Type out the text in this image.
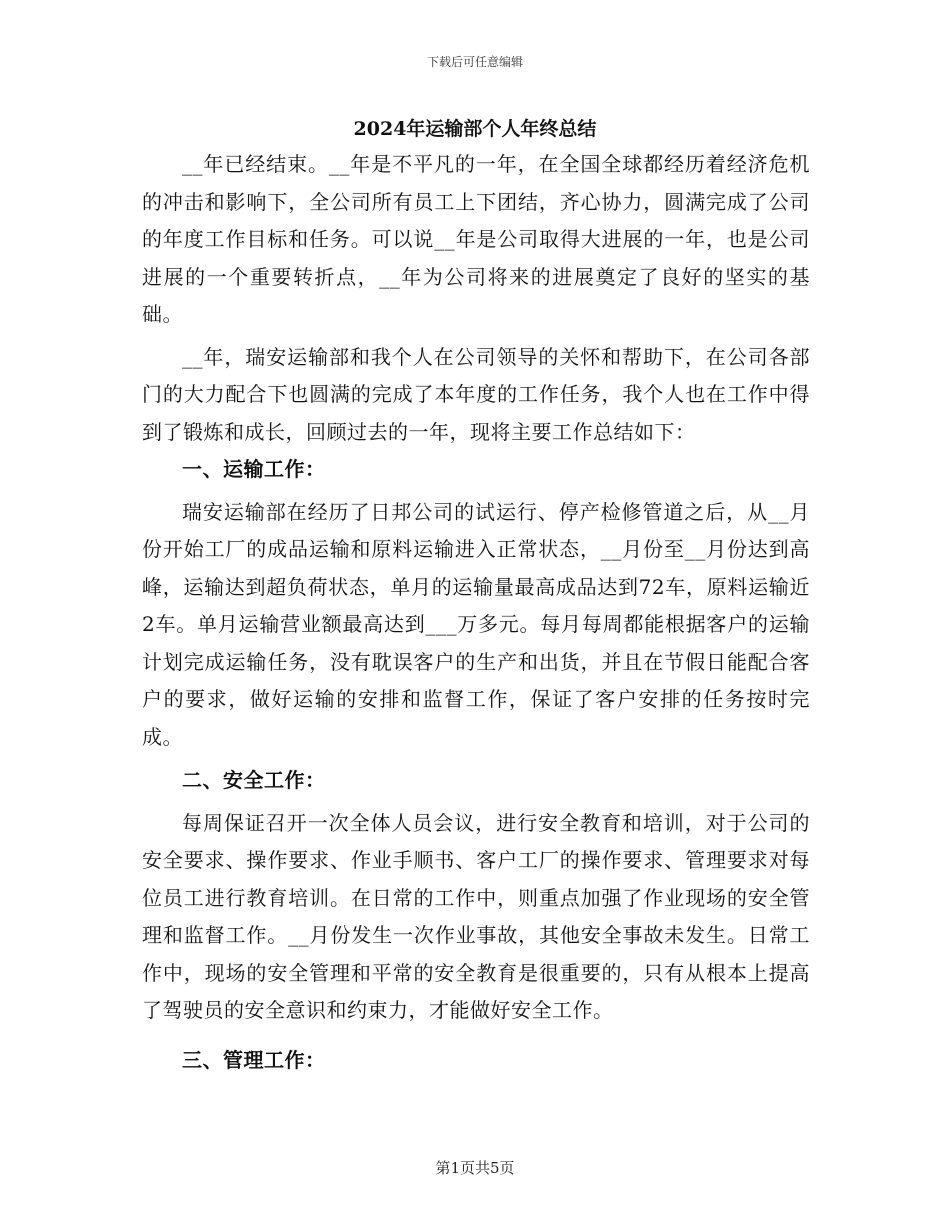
下载后可任意编辑
2024年运输部个人年终总结

__年已经结束。__年是不平凡的一年，在全国全球都经历着经济危机的冲击和影响下，全公司所有员工上下团结，齐心协力，圆满完成了公司的年度工作目标和任务。可以说__年是公司取得大进展的一年，也是公司进展的一个重要转折点，__年为公司将来的进展奠定了良好的坚实的基础。

__年，瑞安运输部和我个人在公司领导的关怀和帮助下，在公司各部门的大力配合下也圆满的完成了本年度的工作任务，我个人也在工作中得到了锻炼和成长，回顾过去的一年，现将主要工作总结如下：

一、运输工作：

瑞安运输部在经历了日邦公司的试运行、停产检修管道之后，从__月份开始工厂的成品运输和原料运输进入正常状态，__月份至__月份达到高峰，运输达到超负荷状态，单月的运输量最高成品达到72车，原料运输近2车。单月运输营业额最高达到___万多元。每月每周都能根据客户的运输计划完成运输任务，没有耽误客户的生产和出货，并且在节假日能配合客户的要求，做好运输的安排和监督工作，保证了客户安排的任务按时完成。

二、安全工作：

每周保证召开一次全体人员会议，进行安全教育和培训，对于公司的安全要求、操作要求、作业手顺书、客户工厂的操作要求、管理要求对每位员工进行教育培训。在日常的工作中，则重点加强了作业现场的安全管理和监督工作。__月份发生一次作业事故，其他安全事故未发生。日常工作中，现场的安全管理和平常的安全教育是很重要的，只有从根本上提高了驾驶员的安全意识和约束力，才能做好安全工作。

三、管理工作：

第1页共5页
